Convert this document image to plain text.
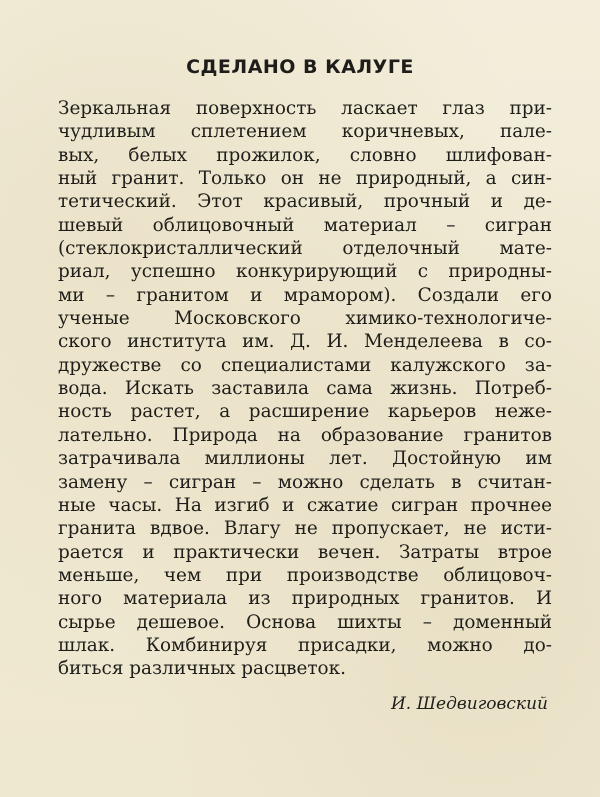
СДЕЛАНО В КАЛУГЕ
Зеркальная поверхность ласкает глаз при-
чудливым сплетением коричневых, пале-
вых, белых прожилок, словно шлифован-
ный гранит. Только он не природный, а син-
тетический. Этот красивый, прочный и де-
шевый облицовочный материал – сигран
(стеклокристаллический отделочный мате-
риал, успешно конкурирующий с природны-
ми – гранитом и мрамором). Создали его
ученые Московского химико-технологиче-
ского института им. Д. И. Менделеева в со-
дружестве со специалистами калужского за-
вода. Искать заставила сама жизнь. Потреб-
ность растет, а расширение карьеров нeже-
лательно. Природа на образование гранитов
затрачивала миллионы лет. Достойную им
замену – сигран – можно сделать в считан-
ные часы. На изгиб и сжатие сигран прочнее
гранита вдвое. Влагу не пропускает, не исти-
рается и практически вечен. Затраты втрое
меньше, чем при производстве облицовоч-
ного материала из природных гранитов. И
сырье дешевое. Основа шихты – доменный
шлак. Комбинируя присадки, можно до-
биться различных расцветок.
И. Шедвиговский
